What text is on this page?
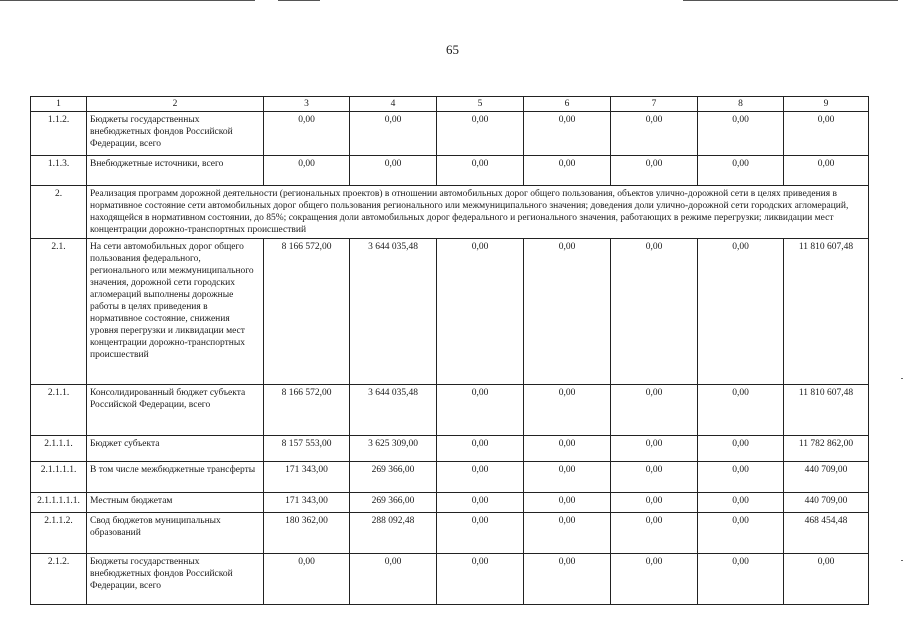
65
1	2	3	4	5	6	7	8	9
1.1.2.	Бюджеты государственных внебюджетных фондов Российской Федерации, всего	0,00	0,00	0,00	0,00	0,00	0,00	0,00
1.1.3.	Внебюджетные источники, всего	0,00	0,00	0,00	0,00	0,00	0,00	0,00
2.	Реализация программ дорожной деятельности (региональных проектов) в отношении автомобильных дорог общего пользования, объектов улично-дорожной сети в целях приведения в нормативное состояние сети автомобильных дорог общего пользования регионального или межмуниципального значения; доведения доли улично-дорожной сети городских агломераций, находящейся в нормативном состоянии, до 85%; сокращения доли автомобильных дорог федерального и регионального значения, работающих в режиме перегрузки; ликвидации мест концентрации дорожно-транспортных происшествий							
2.1.	На сети автомобильных дорог общего пользования федерального, регионального или межмуниципального значения, дорожной сети городских агломераций выполнены дорожные работы в целях приведения в нормативное состояние, снижения уровня перегрузки и ликвидации мест концентрации дорожно-транспортных происшествий	8 166 572,00	3 644 035,48	0,00	0,00	0,00	0,00	11 810 607,48
2.1.1.	Консолидированный бюджет субъекта Российской Федерации, всего	8 166 572,00	3 644 035,48	0,00	0,00	0,00	0,00	11 810 607,48
2.1.1.1.	Бюджет субъекта	8 157 553,00	3 625 309,00	0,00	0,00	0,00	0,00	11 782 862,00
2.1.1.1.1.	В том числе межбюджетные трансферты	171 343,00	269 366,00	0,00	0,00	0,00	0,00	440 709,00
2.1.1.1.1.1.	Местным бюджетам	171 343,00	269 366,00	0,00	0,00	0,00	0,00	440 709,00
2.1.1.2.	Свод бюджетов муниципальных образований	180 362,00	288 092,48	0,00	0,00	0,00	0,00	468 454,48
2.1.2.	Бюджеты государственных внебюджетных фондов Российской Федерации, всего	0,00	0,00	0,00	0,00	0,00	0,00	0,00
